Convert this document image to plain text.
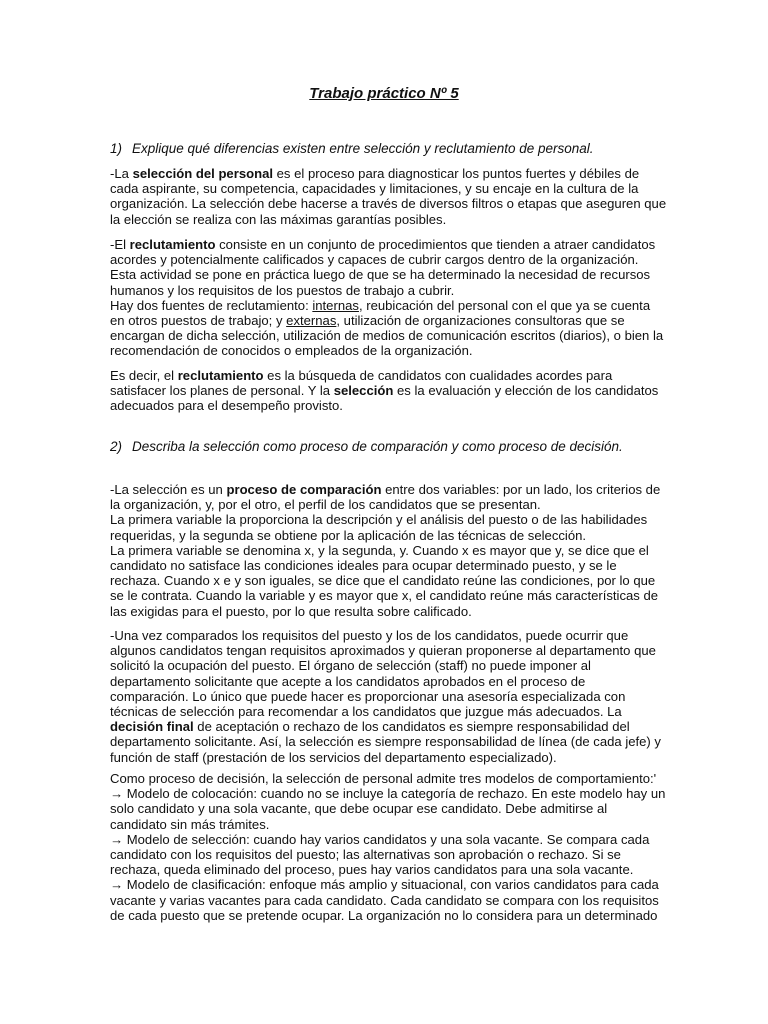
Trabajo práctico Nº 5
1) Explique qué diferencias existen entre selección y reclutamiento de personal.
-La selección del personal es el proceso para diagnosticar los puntos fuertes y débiles de
cada aspirante, su competencia, capacidades y limitaciones, y su encaje en la cultura de la
organización. La selección debe hacerse a través de diversos filtros o etapas que aseguren que
la elección se realiza con las máximas garantías posibles.
-El reclutamiento consiste en un conjunto de procedimientos que tienden a atraer candidatos
acordes y potencialmente calificados y capaces de cubrir cargos dentro de la organización.
Esta actividad se pone en práctica luego de que se ha determinado la necesidad de recursos
humanos y los requisitos de los puestos de trabajo a cubrir.
Hay dos fuentes de reclutamiento: internas, reubicación del personal con el que ya se cuenta
en otros puestos de trabajo; y externas, utilización de organizaciones consultoras que se
encargan de dicha selección, utilización de medios de comunicación escritos (diarios), o bien la
recomendación de conocidos o empleados de la organización.
Es decir, el reclutamiento es la búsqueda de candidatos con cualidades acordes para
satisfacer los planes de personal. Y la selección es la evaluación y elección de los candidatos
adecuados para el desempeño provisto.
2) Describa la selección como proceso de comparación y como proceso de decisión.
-La selección es un proceso de comparación entre dos variables: por un lado, los criterios de
la organización, y, por el otro, el perfil de los candidatos que se presentan.
La primera variable la proporciona la descripción y el análisis del puesto o de las habilidades
requeridas, y la segunda se obtiene por la aplicación de las técnicas de selección.
La primera variable se denomina x, y la segunda, y. Cuando x es mayor que y, se dice que el
candidato no satisface las condiciones ideales para ocupar determinado puesto, y se le
rechaza. Cuando x e y son iguales, se dice que el candidato reúne las condiciones, por lo que
se le contrata. Cuando la variable y es mayor que x, el candidato reúne más características de
las exigidas para el puesto, por lo que resulta sobre calificado.
-Una vez comparados los requisitos del puesto y los de los candidatos, puede ocurrir que
algunos candidatos tengan requisitos aproximados y quieran proponerse al departamento que
solicitó la ocupación del puesto. El órgano de selección (staff) no puede imponer al
departamento solicitante que acepte a los candidatos aprobados en el proceso de
comparación. Lo único que puede hacer es proporcionar una asesoría especializada con
técnicas de selección para recomendar a los candidatos que juzgue más adecuados. La
decisión final de aceptación o rechazo de los candidatos es siempre responsabilidad del
departamento solicitante. Así, la selección es siempre responsabilidad de línea (de cada jefe) y
función de staff (prestación de los servicios del departamento especializado).
Como proceso de decisión, la selección de personal admite tres modelos de comportamiento:'
→ Modelo de colocación: cuando no se incluye la categoría de rechazo. En este modelo hay un
solo candidato y una sola vacante, que debe ocupar ese candidato. Debe admitirse al
candidato sin más trámites.
→ Modelo de selección: cuando hay varios candidatos y una sola vacante. Se compara cada
candidato con los requisitos del puesto; las alternativas son aprobación o rechazo. Si se
rechaza, queda eliminado del proceso, pues hay varios candidatos para una sola vacante.
→ Modelo de clasificación: enfoque más amplio y situacional, con varios candidatos para cada
vacante y varias vacantes para cada candidato. Cada candidato se compara con los requisitos
de cada puesto que se pretende ocupar. La organización no lo considera para un determinado
